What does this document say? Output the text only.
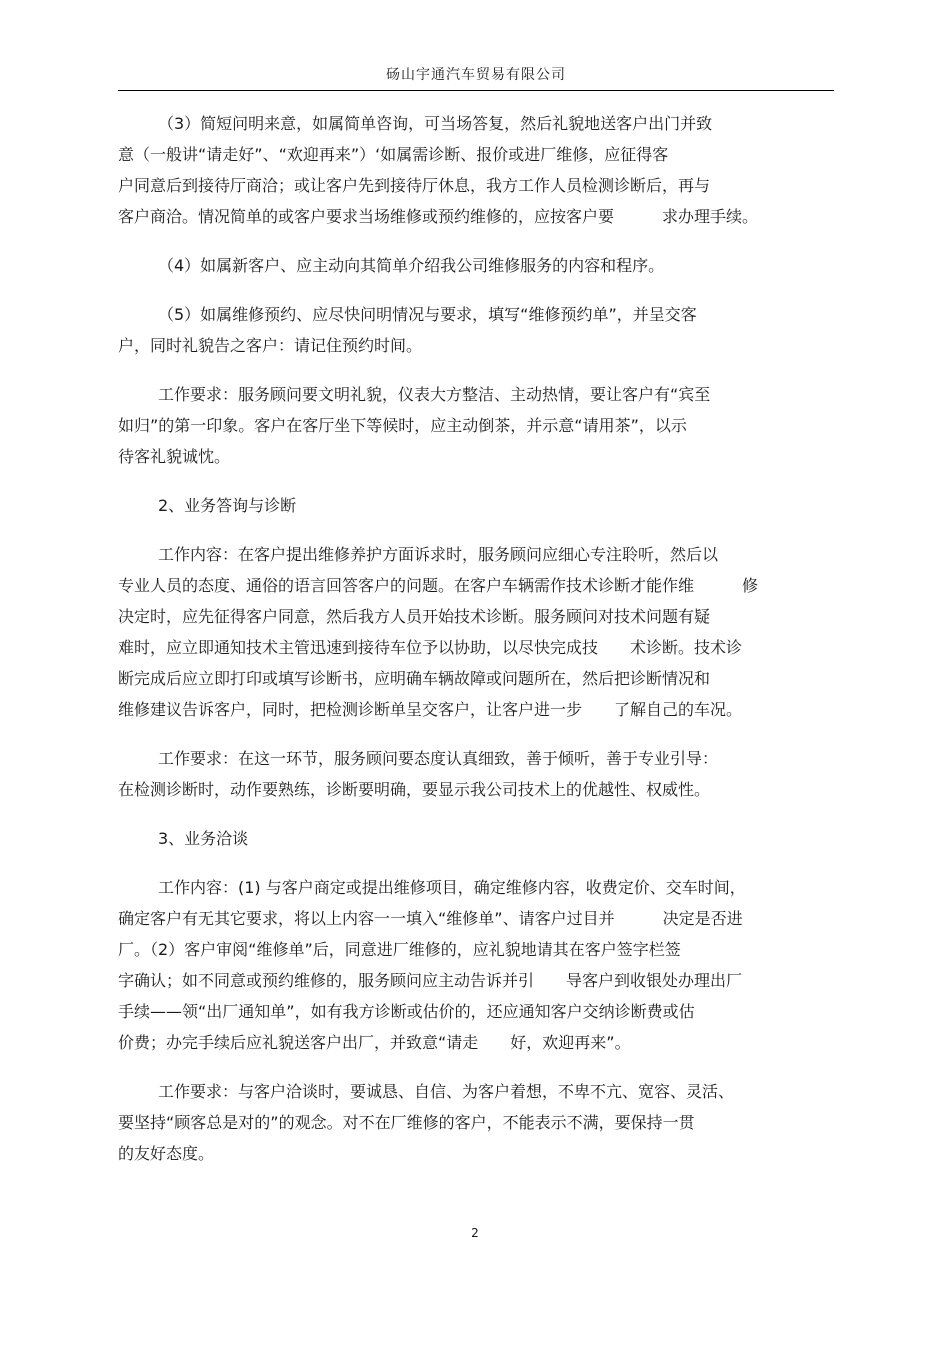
砀山宇通汽车贸易有限公司
（3）简短问明来意，如属简单咨询，可当场答复，然后礼貌地送客户出门并致
意（一般讲“请走好”、“欢迎再来”）‘如属需诊断、报价或进厂维修，应征得客
户同意后到接待厅商洽；或让客户先到接待厅休息，我方工作人员检测诊断后，再与
客户商洽。情况简单的或客户要求当场维修或预约维修的，应按客户要　　　求办理手续。
（4）如属新客户、应主动向其简单介绍我公司维修服务的内容和程序。
（5）如属维修预约、应尽快问明情况与要求，填写“维修预约单”，并呈交客
户，同时礼貌告之客户：请记住预约时间。
工作要求：服务顾问要文明礼貌，仪表大方整洁、主动热情，要让客户有“宾至
如归”的第一印象。客户在客厅坐下等候时，应主动倒茶，并示意“请用茶”，以示
待客礼貌诚忱。
2、业务答询与诊断
工作内容：在客户提出维修养护方面诉求时，服务顾问应细心专注聆听，然后以
专业人员的态度、通俗的语言回答客户的问题。在客户车辆需作技术诊断才能作维　　　修
决定时，应先征得客户同意，然后我方人员开始技术诊断。服务顾问对技术问题有疑
难时，应立即通知技术主管迅速到接待车位予以协助，以尽快完成技　　术诊断。技术诊
断完成后应立即打印或填写诊断书，应明确车辆故障或问题所在，然后把诊断情况和
维修建议告诉客户，同时，把检测诊断单呈交客户，让客户进一步　　了解自己的车况。
工作要求：在这一环节，服务顾问要态度认真细致，善于倾听，善于专业引导：
在检测诊断时，动作要熟练，诊断要明确，要显示我公司技术上的优越性、权威性。
3、业务洽谈
工作内容：(1) 与客户商定或提出维修项目，确定维修内容，收费定价、交车时间，
确定客户有无其它要求，将以上内容一一填入“维修单”、请客户过目并　　　决定是否进
厂。（2）客户审阅“维修单”后，同意进厂维修的，应礼貌地请其在客户签字栏签
字确认；如不同意或预约维修的，服务顾问应主动告诉并引　　导客户到收银处办理出厂
手续——领“出厂通知单”，如有我方诊断或估价的，还应通知客户交纳诊断费或估
价费；办完手续后应礼貌送客户出厂，并致意“请走　　好，欢迎再来”。
工作要求：与客户洽谈时，要诚恳、自信、为客户着想，不卑不亢、宽容、灵活、
要坚持“顾客总是对的”的观念。对不在厂维修的客户，不能表示不满，要保持一贯
的友好态度。
2
